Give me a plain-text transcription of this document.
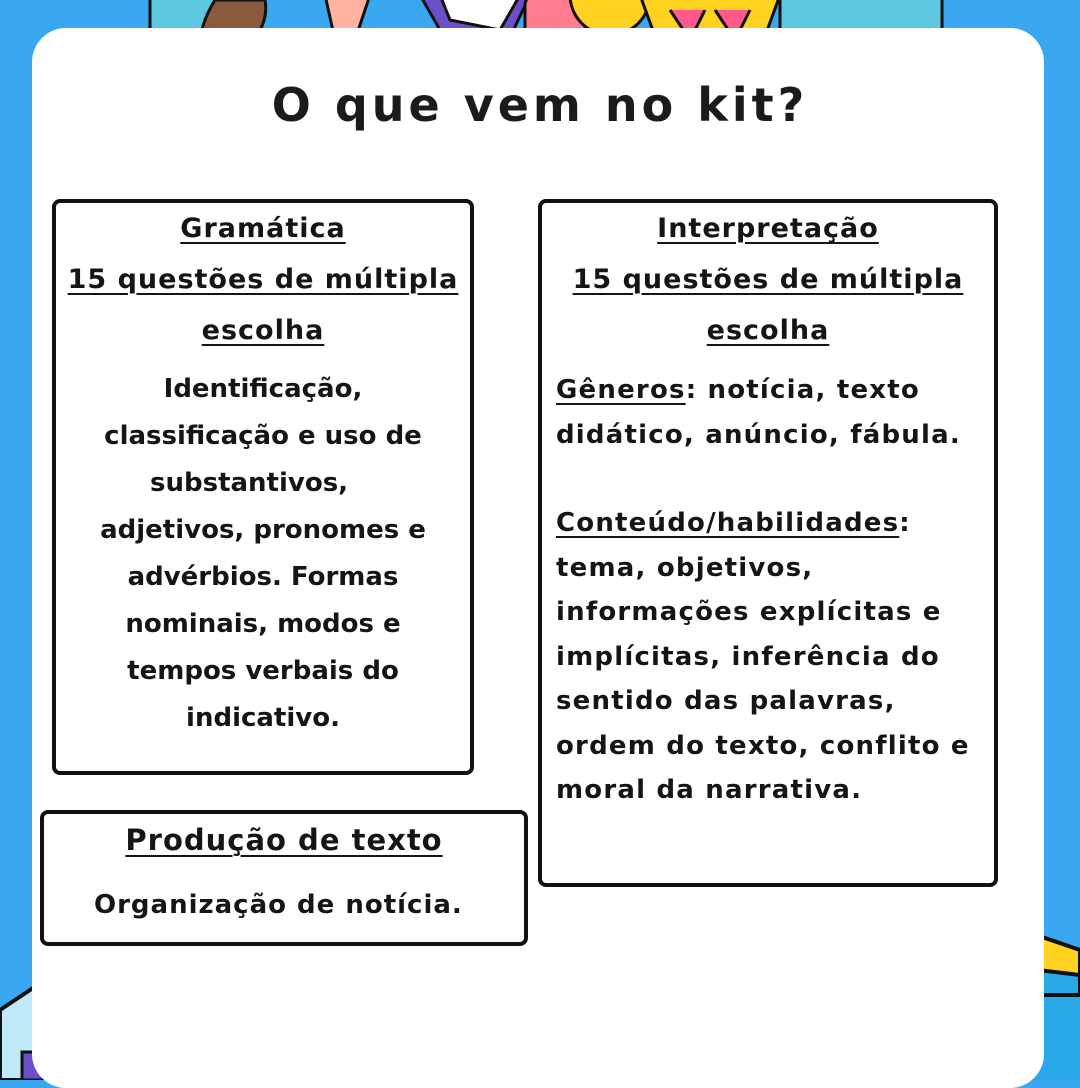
O que vem no kit?
Gramática
15 questões de múltipla
escolha
Identificação,
classificação e uso de
substantivos,
adjetivos, pronomes e
advérbios. Formas
nominais, modos e
tempos verbais do
indicativo.
Interpretação
15 questões de múltipla
escolha
Gêneros: notícia, texto
didático, anúncio, fábula.
Conteúdo/habilidades:
tema, objetivos,
informações explícitas e
implícitas, inferência do
sentido das palavras,
ordem do texto, conflito e
moral da narrativa.
Produção de texto
Organização de notícia.
